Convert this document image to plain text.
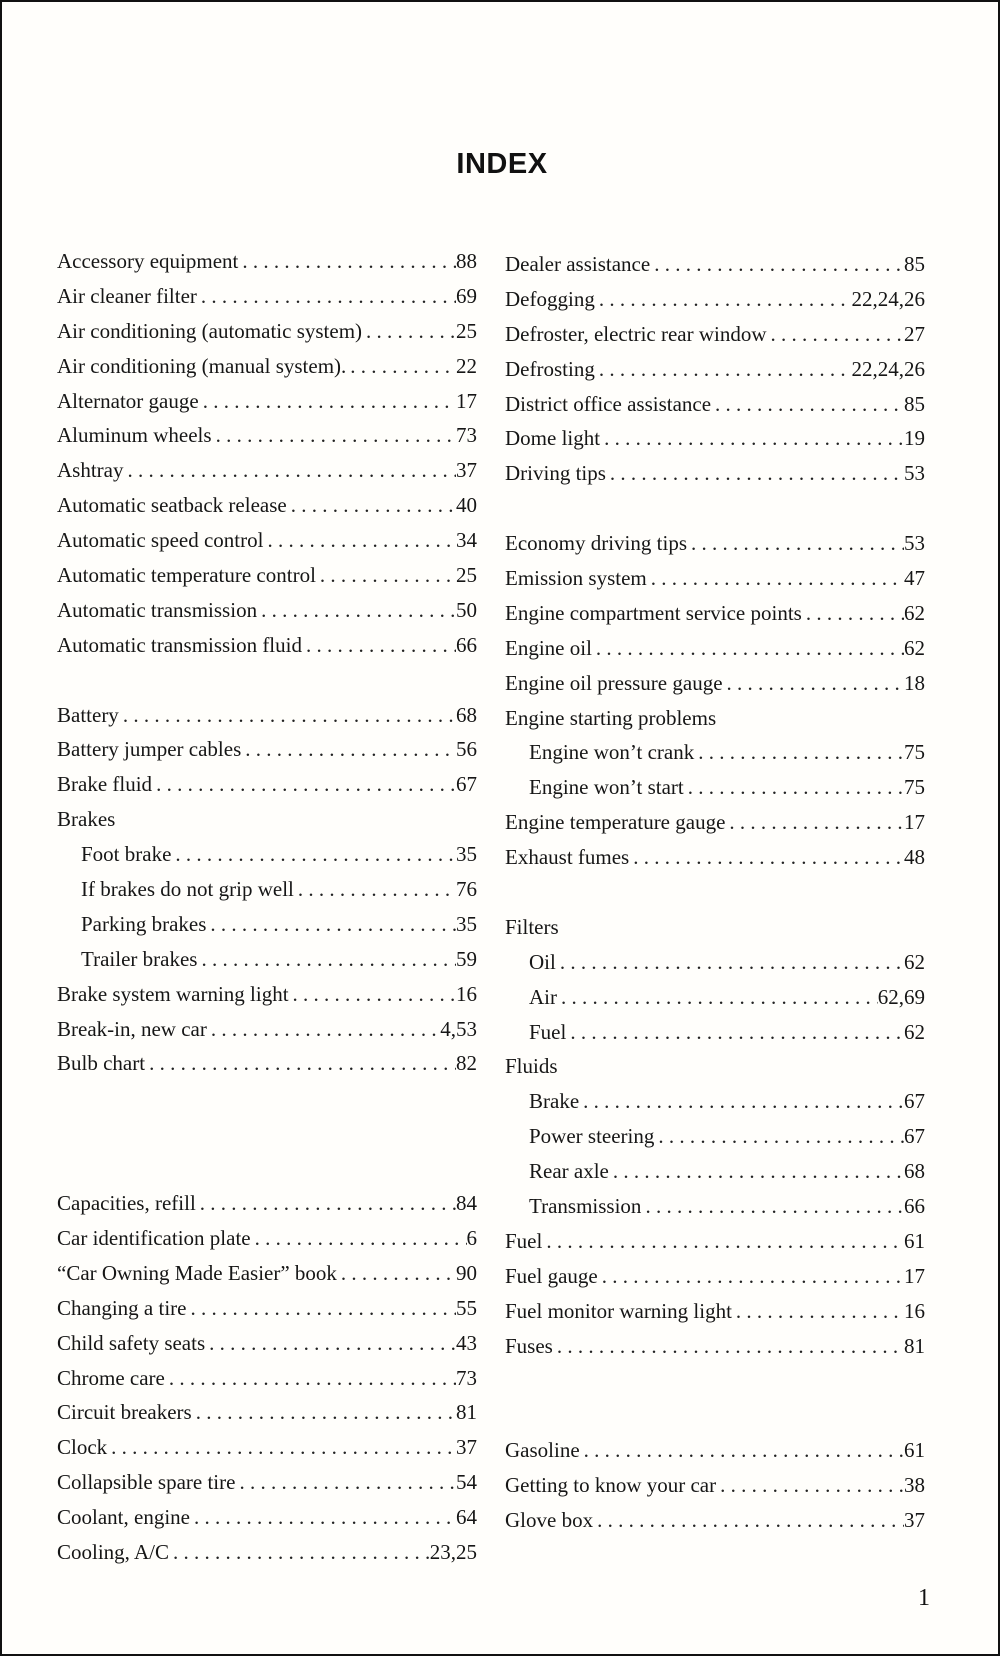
INDEX
Accessory equipment . . .	88
Air cleaner filter . . .	69
Air conditioning (automatic system) . . .	25
Air conditioning (manual system). . . .	22
Alternator gauge . . .	17
Aluminum wheels . . .	73
Ashtray . . .	37
Automatic seatback release . . .	40
Automatic speed control . . .	34
Automatic temperature control . . .	25
Automatic transmission . . .	50
Automatic transmission fluid . . .	66
Battery . . .	68
Battery jumper cables . . .	56
Brake fluid . . .	67
Brakes
Foot brake . . .	35
If brakes do not grip well . . .	76
Parking brakes . . .	35
Trailer brakes . . .	59
Brake system warning light . . .	16
Break-in, new car . . .	4,53
Bulb chart . . .	82
Capacities, refill . . .	84
Car identification plate . . .	6
“Car Owning Made Easier” book . . .	90
Changing a tire . . .	55
Child safety seats . . .	43
Chrome care . . .	73
Circuit breakers . . .	81
Clock . . .	37
Collapsible spare tire . . .	54
Coolant, engine . . .	64
Cooling, A/C . . .	23,25
Dealer assistance . . .	85
Defogging . . .	22,24,26
Defroster, electric rear window . . .	27
Defrosting . . .	22,24,26
District office assistance . . .	85
Dome light . . .	19
Driving tips . . .	53
Economy driving tips . . .	53
Emission system . . .	47
Engine compartment service points . . .	62
Engine oil . . .	62
Engine oil pressure gauge . . .	18
Engine starting problems
Engine won’t crank . . .	75
Engine won’t start . . .	75
Engine temperature gauge . . .	17
Exhaust fumes . . .	48
Filters
Oil . . .	62
Air . . .	62,69
Fuel . . .	62
Fluids
Brake . . .	67
Power steering . . .	67
Rear axle . . .	68
Transmission . . .	66
Fuel . . .	61
Fuel gauge . . .	17
Fuel monitor warning light . . .	16
Fuses . . .	81
Gasoline . . .	61
Getting to know your car . . .	38
Glove box . . .	37
1
